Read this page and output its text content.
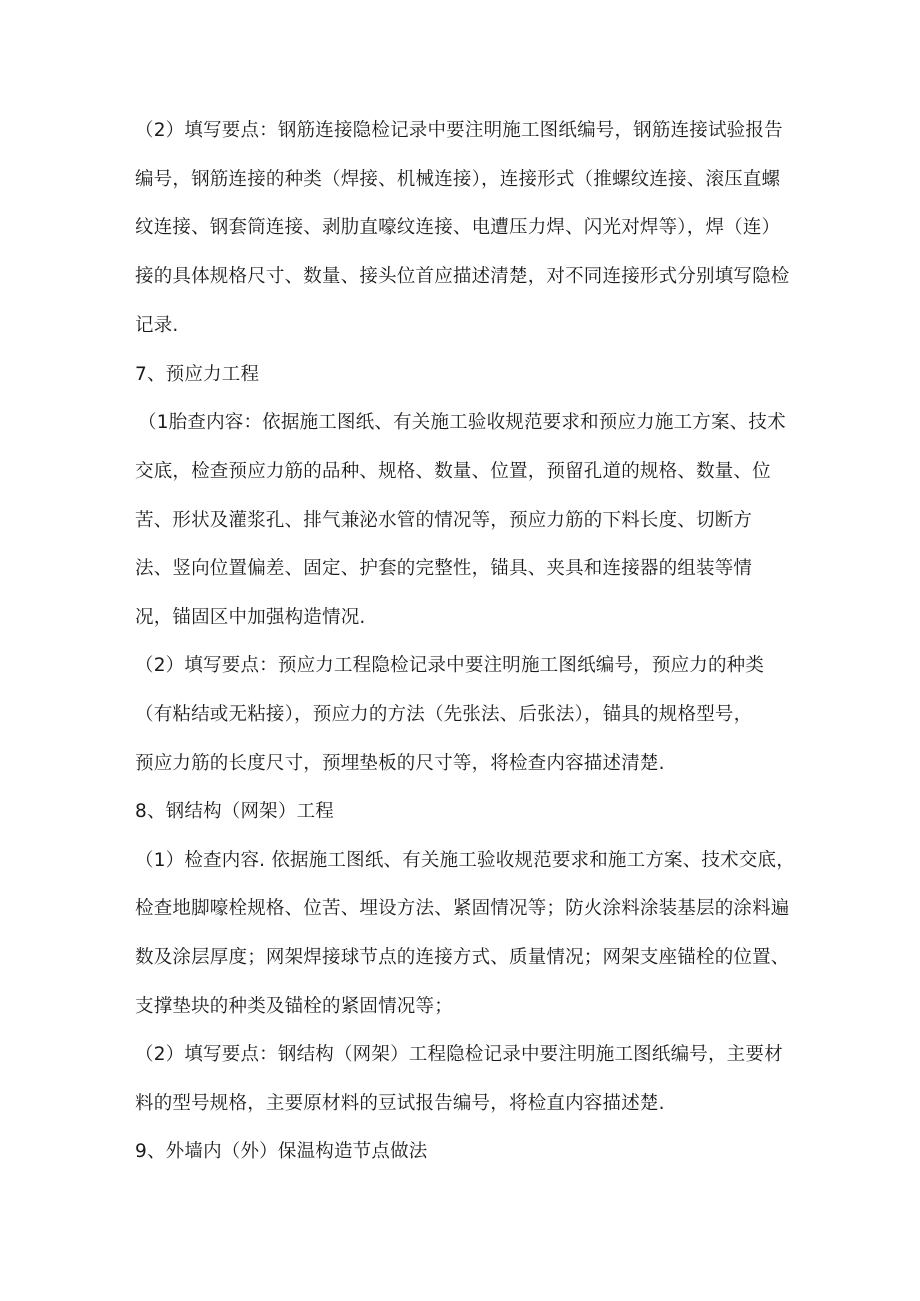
（2）填写要点：钢筋连接隐检记录中要注明施工图纸编号，钢筋连接试验报告
编号，钢筋连接的种类（焊接、机械连接），连接形式（推螺纹连接、滚压直螺
纹连接、钢套筒连接、剥肋直嚎纹连接、电遭压力焊、闪光对焊等），焊（连）
接的具体规格尺寸、数量、接头位首应描述清楚，对不同连接形式分别填写隐检
记录.
7、预应力工程
（1胎查内容：依据施工图纸、有关施工验收规范要求和预应力施工方案、技术
交底，检查预应力筋的品种、规格、数量、位置，预留孔道的规格、数量、位
苦、形状及灌浆孔、排气兼泌水管的情况等，预应力筋的下料长度、切断方
法、竖向位置偏差、固定、护套的完整性，锚具、夹具和连接器的组装等情
况，锚固区中加强构造情况.
（2）填写要点：预应力工程隐检记录中要注明施工图纸编号，预应力的种类
（有粘结或无粘接），预应力的方法（先张法、后张法），锚具的规格型号，
预应力筋的长度尺寸，预埋垫板的尺寸等，将检查内容描述清楚.
8、钢结构（网架）工程
（1）检查内容. 依据施工图纸、有关施工验收规范要求和施工方案、技术交底，
检查地脚嚎栓规格、位苦、埋设方法、紧固情况等；防火涂料涂装基层的涂料遍
数及涂层厚度；网架焊接球节点的连接方式、质量情况；网架支座锚栓的位置、
支撑垫块的种类及锚栓的紧固情况等；
（2）填写要点：钢结构（网架）工程隐检记录中要注明施工图纸编号，主要材
料的型号规格，主要原材料的豆试报告编号，将检直内容描述楚.
9、外墙内（外）保温构造节点做法
